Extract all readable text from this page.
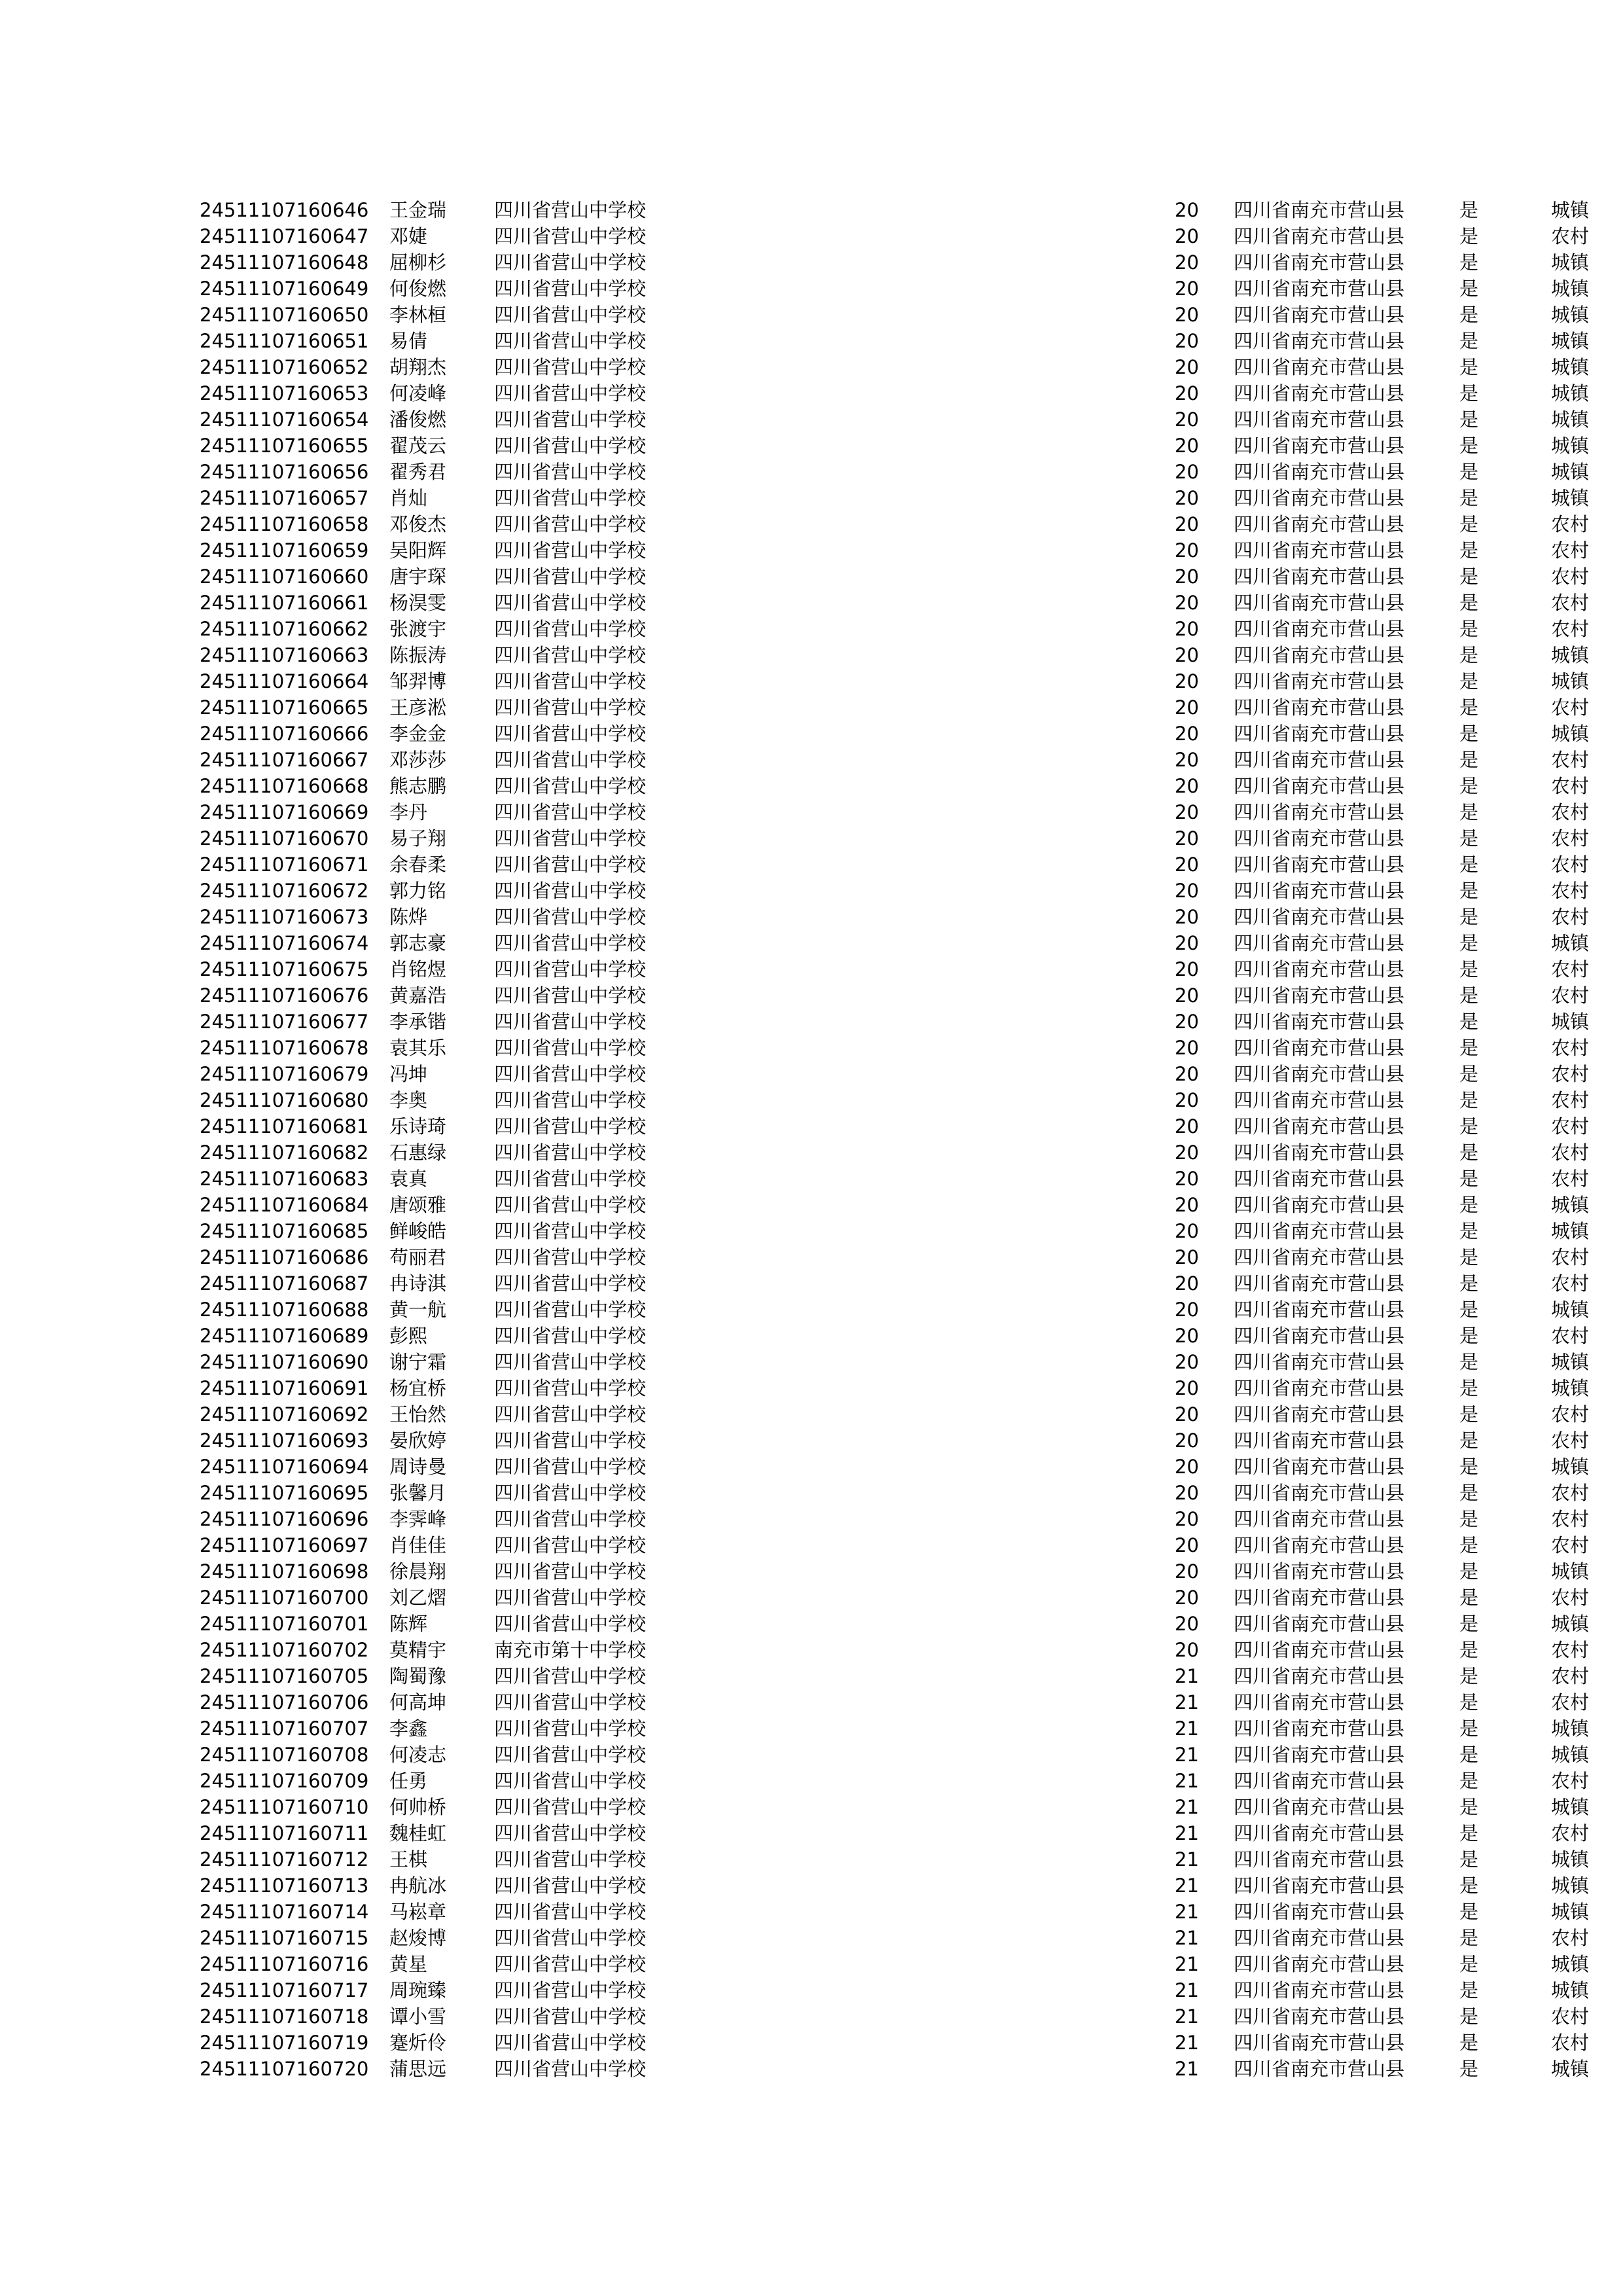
24511107160646	王金瑞	四川省营山中学校	20	四川省南充市营山县	是	城镇
24511107160647	邓婕	四川省营山中学校	20	四川省南充市营山县	是	农村
24511107160648	屈柳杉	四川省营山中学校	20	四川省南充市营山县	是	城镇
24511107160649	何俊燃	四川省营山中学校	20	四川省南充市营山县	是	城镇
24511107160650	李林桓	四川省营山中学校	20	四川省南充市营山县	是	城镇
24511107160651	易倩	四川省营山中学校	20	四川省南充市营山县	是	城镇
24511107160652	胡翔杰	四川省营山中学校	20	四川省南充市营山县	是	城镇
24511107160653	何凌峰	四川省营山中学校	20	四川省南充市营山县	是	城镇
24511107160654	潘俊燃	四川省营山中学校	20	四川省南充市营山县	是	城镇
24511107160655	翟茂云	四川省营山中学校	20	四川省南充市营山县	是	城镇
24511107160656	翟秀君	四川省营山中学校	20	四川省南充市营山县	是	城镇
24511107160657	肖灿	四川省营山中学校	20	四川省南充市营山县	是	城镇
24511107160658	邓俊杰	四川省营山中学校	20	四川省南充市营山县	是	农村
24511107160659	吴阳辉	四川省营山中学校	20	四川省南充市营山县	是	农村
24511107160660	唐宇琛	四川省营山中学校	20	四川省南充市营山县	是	农村
24511107160661	杨淏雯	四川省营山中学校	20	四川省南充市营山县	是	农村
24511107160662	张渡宇	四川省营山中学校	20	四川省南充市营山县	是	农村
24511107160663	陈振涛	四川省营山中学校	20	四川省南充市营山县	是	城镇
24511107160664	邹羿博	四川省营山中学校	20	四川省南充市营山县	是	城镇
24511107160665	王彦淞	四川省营山中学校	20	四川省南充市营山县	是	农村
24511107160666	李金金	四川省营山中学校	20	四川省南充市营山县	是	城镇
24511107160667	邓莎莎	四川省营山中学校	20	四川省南充市营山县	是	农村
24511107160668	熊志鹏	四川省营山中学校	20	四川省南充市营山县	是	农村
24511107160669	李丹	四川省营山中学校	20	四川省南充市营山县	是	农村
24511107160670	易子翔	四川省营山中学校	20	四川省南充市营山县	是	农村
24511107160671	余春柔	四川省营山中学校	20	四川省南充市营山县	是	农村
24511107160672	郭力铭	四川省营山中学校	20	四川省南充市营山县	是	农村
24511107160673	陈烨	四川省营山中学校	20	四川省南充市营山县	是	农村
24511107160674	郭志豪	四川省营山中学校	20	四川省南充市营山县	是	城镇
24511107160675	肖铭煜	四川省营山中学校	20	四川省南充市营山县	是	农村
24511107160676	黄嘉浩	四川省营山中学校	20	四川省南充市营山县	是	农村
24511107160677	李承锴	四川省营山中学校	20	四川省南充市营山县	是	城镇
24511107160678	袁其乐	四川省营山中学校	20	四川省南充市营山县	是	农村
24511107160679	冯坤	四川省营山中学校	20	四川省南充市营山县	是	农村
24511107160680	李奥	四川省营山中学校	20	四川省南充市营山县	是	农村
24511107160681	乐诗琦	四川省营山中学校	20	四川省南充市营山县	是	农村
24511107160682	石惠绿	四川省营山中学校	20	四川省南充市营山县	是	农村
24511107160683	袁真	四川省营山中学校	20	四川省南充市营山县	是	农村
24511107160684	唐颂雅	四川省营山中学校	20	四川省南充市营山县	是	城镇
24511107160685	鲜峻皓	四川省营山中学校	20	四川省南充市营山县	是	城镇
24511107160686	苟丽君	四川省营山中学校	20	四川省南充市营山县	是	农村
24511107160687	冉诗淇	四川省营山中学校	20	四川省南充市营山县	是	农村
24511107160688	黄一航	四川省营山中学校	20	四川省南充市营山县	是	城镇
24511107160689	彭熙	四川省营山中学校	20	四川省南充市营山县	是	农村
24511107160690	谢宁霜	四川省营山中学校	20	四川省南充市营山县	是	城镇
24511107160691	杨宜桥	四川省营山中学校	20	四川省南充市营山县	是	城镇
24511107160692	王怡然	四川省营山中学校	20	四川省南充市营山县	是	农村
24511107160693	晏欣婷	四川省营山中学校	20	四川省南充市营山县	是	农村
24511107160694	周诗曼	四川省营山中学校	20	四川省南充市营山县	是	城镇
24511107160695	张馨月	四川省营山中学校	20	四川省南充市营山县	是	农村
24511107160696	李霁峰	四川省营山中学校	20	四川省南充市营山县	是	农村
24511107160697	肖佳佳	四川省营山中学校	20	四川省南充市营山县	是	农村
24511107160698	徐晨翔	四川省营山中学校	20	四川省南充市营山县	是	城镇
24511107160700	刘乙熠	四川省营山中学校	20	四川省南充市营山县	是	农村
24511107160701	陈辉	四川省营山中学校	20	四川省南充市营山县	是	城镇
24511107160702	莫精宇	南充市第十中学校	20	四川省南充市营山县	是	农村
24511107160705	陶蜀豫	四川省营山中学校	21	四川省南充市营山县	是	农村
24511107160706	何高坤	四川省营山中学校	21	四川省南充市营山县	是	农村
24511107160707	李鑫	四川省营山中学校	21	四川省南充市营山县	是	城镇
24511107160708	何凌志	四川省营山中学校	21	四川省南充市营山县	是	城镇
24511107160709	任勇	四川省营山中学校	21	四川省南充市营山县	是	农村
24511107160710	何帅桥	四川省营山中学校	21	四川省南充市营山县	是	城镇
24511107160711	魏桂虹	四川省营山中学校	21	四川省南充市营山县	是	农村
24511107160712	王棋	四川省营山中学校	21	四川省南充市营山县	是	城镇
24511107160713	冉航冰	四川省营山中学校	21	四川省南充市营山县	是	城镇
24511107160714	马崧章	四川省营山中学校	21	四川省南充市营山县	是	城镇
24511107160715	赵焌博	四川省营山中学校	21	四川省南充市营山县	是	农村
24511107160716	黄星	四川省营山中学校	21	四川省南充市营山县	是	城镇
24511107160717	周琬臻	四川省营山中学校	21	四川省南充市营山县	是	城镇
24511107160718	谭小雪	四川省营山中学校	21	四川省南充市营山县	是	农村
24511107160719	蹇炘伶	四川省营山中学校	21	四川省南充市营山县	是	农村
24511107160720	蒲思远	四川省营山中学校	21	四川省南充市营山县	是	城镇
